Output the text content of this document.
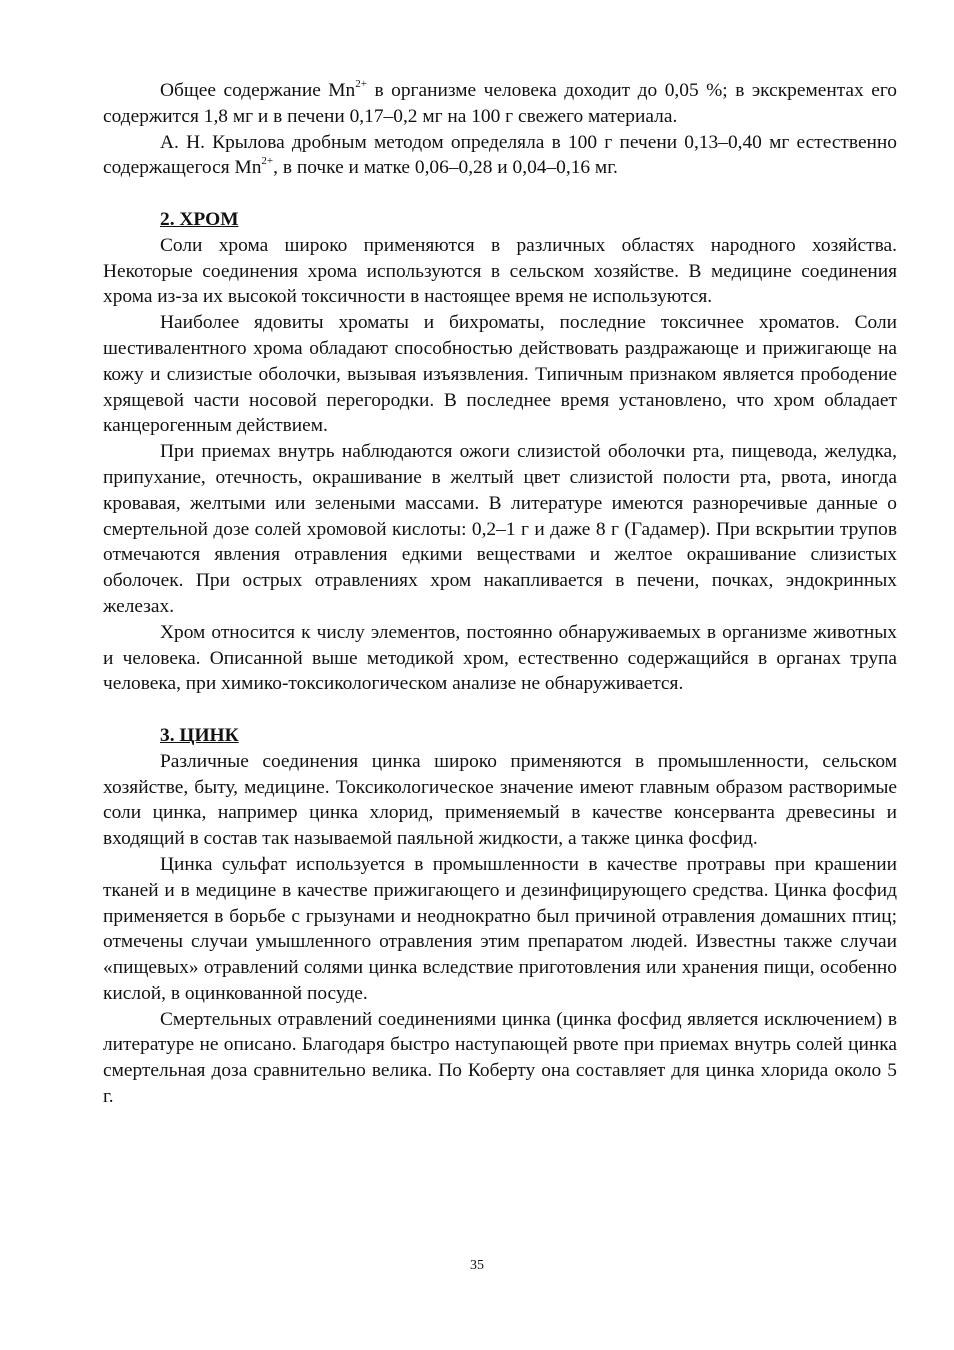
Общее содержание $Mn^{2+}$ в организме человека доходит до 0,05 %; в экскрементах его содержится 1,8 мг и в печени 0,17–0,2 мг на 100 г свежего материала.

А. Н. Крылова дробным методом определяла в 100 г печени 0,13–0,40 мг естественно содержащегося $Mn^{2+}$, в почке и матке 0,06–0,28 и 0,04–0,16 мг.

2. ХРОМ

Соли хрома широко применяются в различных областях народного хозяйства. Некоторые соединения хрома используются в сельском хозяйстве. В медицине соединения хрома из-за их высокой токсичности в настоящее время не используются.

Наиболее ядовиты хроматы и бихроматы, последние токсичнее хроматов. Соли шестивалентного хрома обладают способностью действовать раздражающе и прижигающе на кожу и слизистые оболочки, вызывая изъязвления. Типичным признаком является прободение хрящевой части носовой перегородки. В последнее время установлено, что хром обладает канцерогенным действием.

При приемах внутрь наблюдаются ожоги слизистой оболочки рта, пищевода, желудка, припухание, отечность, окрашивание в желтый цвет слизистой полости рта, рвота, иногда кровавая, желтыми или зелеными массами. В литературе имеются разноречивые данные о смертельной дозе солей хромовой кислоты: 0,2–1 г и даже 8 г (Гадамер). При вскрытии трупов отмечаются явления отравления едкими веществами и желтое окрашивание слизистых оболочек. При острых отравлениях хром накапливается в печени, почках, эндокринных железах.

Хром относится к числу элементов, постоянно обнаруживаемых в организме животных и человека. Описанной выше методикой хром, естественно содержащийся в органах трупа человека, при химико-токсикологическом анализе не обнаруживается.

3. ЦИНК

Различные соединения цинка широко применяются в промышленности, сельском хозяйстве, быту, медицине. Токсикологическое значение имеют главным образом растворимые соли цинка, например цинка хлорид, применяемый в качестве консерванта древесины и входящий в состав так называемой паяльной жидкости, а также цинка фосфид.

Цинка сульфат используется в промышленности в качестве протравы при крашении тканей и в медицине в качестве прижигающего и дезинфицирующего средства. Цинка фосфид применяется в борьбе с грызунами и неоднократно был причиной отравления домашних птиц; отмечены случаи умышленного отравления этим препаратом людей. Известны также случаи «пищевых» отравлений солями цинка вследствие приготовления или хранения пищи, особенно кислой, в оцинкованной посуде.

Смертельных отравлений соединениями цинка (цинка фосфид является исключением) в литературе не описано. Благодаря быстро наступающей рвоте при приемах внутрь солей цинка смертельная доза сравнительно велика. По Коберту она составляет для цинка хлорида около 5 г.

35
